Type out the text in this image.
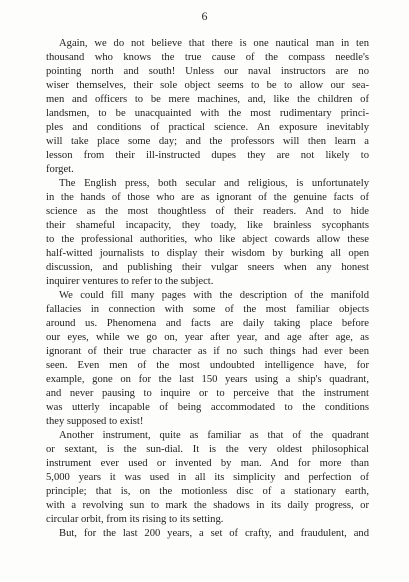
6
Again, we do not believe that there is one nautical man in ten
thousand who knows the true cause of the compass needle's
pointing north and south! Unless our naval instructors are no
wiser themselves, their sole object seems to be to allow our sea-
men and officers to be mere machines, and, like the children of
landsmen, to be unacquainted with the most rudimentary princi-
ples and conditions of practical science. An exposure inevitably
will take place some day; and the professors will then learn a
lesson from their ill-instructed dupes they are not likely to
forget.
The English press, both secular and religious, is unfortunately
in the hands of those who are as ignorant of the genuine facts of
science as the most thoughtless of their readers. And to hide
their shameful incapacity, they toady, like brainless sycophants
to the professional authorities, who like abject cowards allow these
half-witted journalists to display their wisdom by burking all open
discussion, and publishing their vulgar sneers when any honest
inquirer ventures to refer to the subject.
We could fill many pages with the description of the manifold
fallacies in connection with some of the most familiar objects
around us. Phenomena and facts are daily taking place before
our eyes, while we go on, year after year, and age after age, as
ignorant of their true character as if no such things had ever been
seen. Even men of the most undoubted intelligence have, for
example, gone on for the last 150 years using a ship's quadrant,
and never pausing to inquire or to perceive that the instrument
was utterly incapable of being accommodated to the conditions
they supposed to exist!
Another instrument, quite as familiar as that of the quadrant
or sextant, is the sun-dial. It is the very oldest philosophical
instrument ever used or invented by man. And for more than
5,000 years it was used in all its simplicity and perfection of
principle; that is, on the motionless disc of a stationary earth,
with a revolving sun to mark the shadows in its daily progress, or
circular orbit, from its rising to its setting.
But, for the last 200 years, a set of crafty, and fraudulent, and
